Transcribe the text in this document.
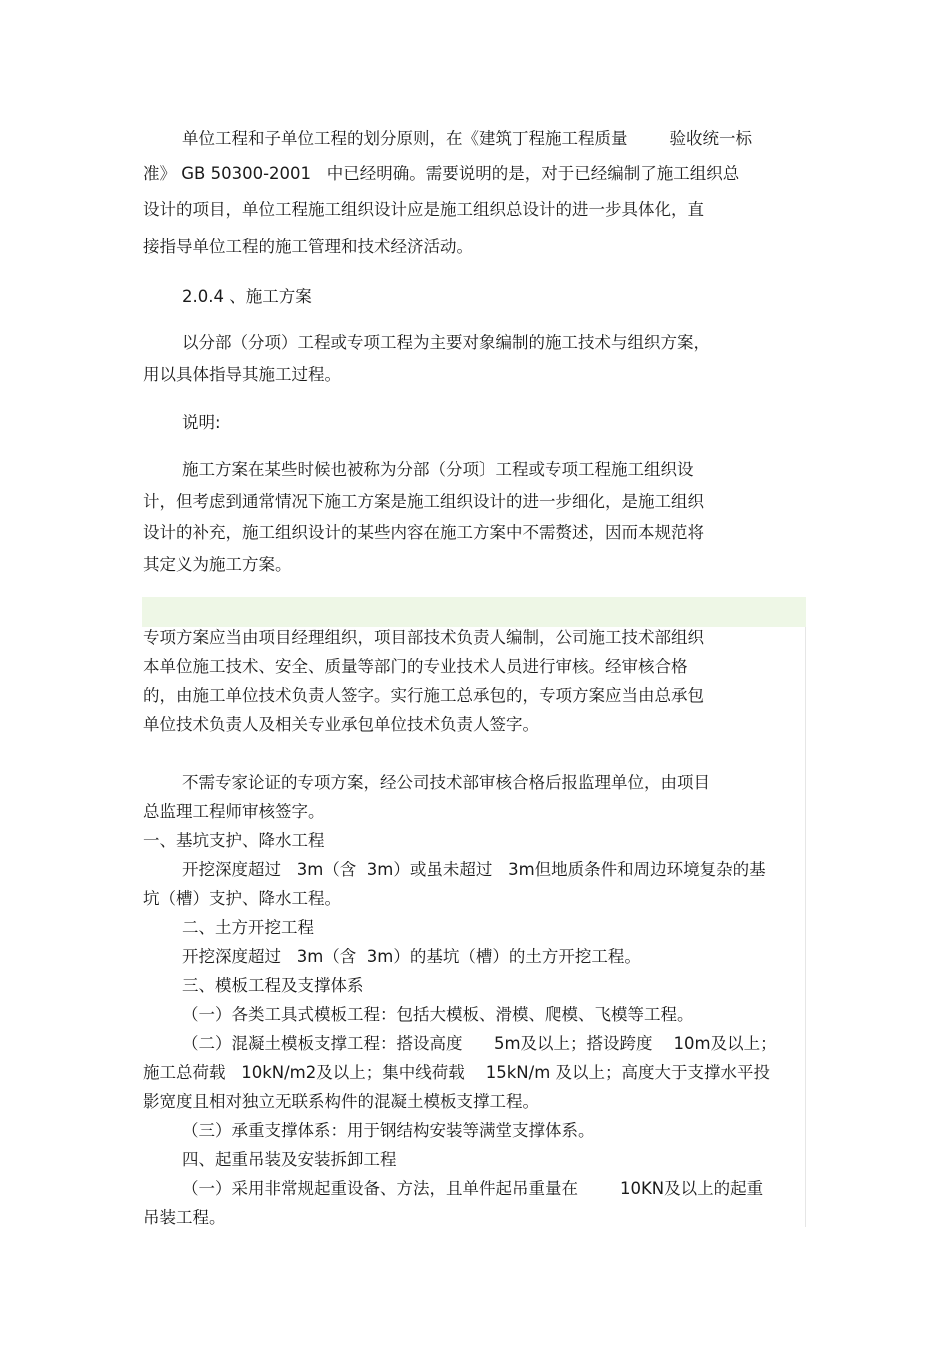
单位工程和子单位工程的划分原则，在《建筑丁程施工程质量        验收统一标
准》 GB 50300-2001   中已经明确。需要说明的是，对于已经编制了施工组织总
设计的项目，单位工程施工组织设计应是施工组织总设计的进一步具体化，直
接指导单位工程的施工管理和技术经济活动。
2.0.4 、施工方案
以分部（分项）工程或专项工程为主要对象编制的施工技术与组织方案，
用以具体指导其施工过程。
说明:
施工方案在某些时候也被称为分部（分项〕工程或专项工程施工组织设
计，但考虑到通常情况下施工方案是施工组织设计的进一步细化，是施工组织
设计的补充，施工组织设计的某些内容在施工方案中不需赘述，因而本规范将
其定义为施工方案。
专项方案应当由项目经理组织，项目部技术负责人编制，公司施工技术部组织
本单位施工技术、安全、质量等部门的专业技术人员进行审核。经审核合格
的，由施工单位技术负责人签字。实行施工总承包的，专项方案应当由总承包
单位技术负责人及相关专业承包单位技术负责人签字。
不需专家论证的专项方案，经公司技术部审核合格后报监理单位，由项目
总监理工程师审核签字。
一、基坑支护、降水工程
开挖深度超过   3m（含  3m）或虽未超过   3m但地质条件和周边环境复杂的基
坑（槽）支护、降水工程。
二、土方开挖工程
开挖深度超过   3m（含  3m）的基坑（槽）的土方开挖工程。
三、模板工程及支撑体系
（一）各类工具式模板工程：包括大模板、滑模、爬模、飞模等工程。
（二）混凝土模板支撑工程：搭设高度      5m及以上；搭设跨度    10m及以上；
施工总荷载   10kN/m2及以上；集中线荷载    15kN/m 及以上；高度大于支撑水平投
影宽度且相对独立无联系构件的混凝土模板支撑工程。
（三）承重支撑体系：用于钢结构安装等满堂支撑体系。
四、起重吊装及安装拆卸工程
（一）采用非常规起重设备、方法，且单件起吊重量在        10KN及以上的起重
吊装工程。
